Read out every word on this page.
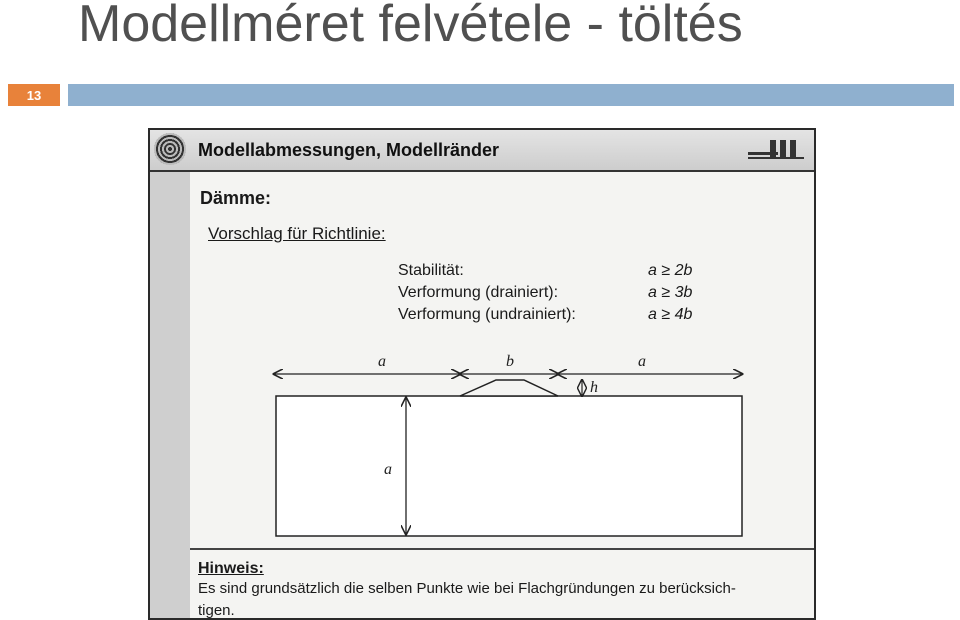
Modellméret felvétele - töltés
13
Modellabmessungen, Modellränder
Dämme:
Vorschlag für Richtlinie:
Stabilität:	a ≥ 2b
Verformung (drainiert):	a ≥ 3b
Verformung (undrainiert):	a ≥ 4b
a	b	a
h
a
Hinweis:
Es sind grundsätzlich die selben Punkte wie bei Flachgründungen zu berücksich-
tigen.
